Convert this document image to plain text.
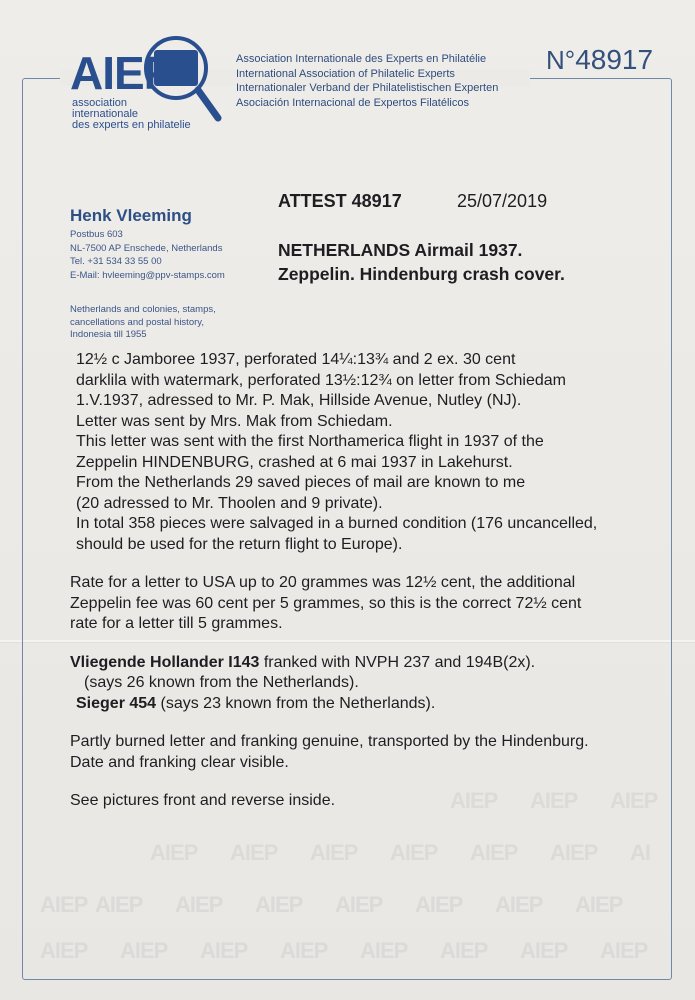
AIEP AIEP AIEP
AIEP AIEP AIEP AIEP AIEP AIEP AI
AIEP AIEP AIEP AIEP AIEP AIEP AIEP AIEP
AIEP AIEP AIEP AIEP AIEP AIEP AIEP AIEP
AIEP
association
internationale
des experts en philatelie
Association Internationale des Experts en Philatélie
International Association of Philatelic Experts
Internationaler Verband der Philatelistischen Experten
Asociación Internacional de Expertos Filatélicos
N°48917
Henk Vleeming
Postbus 603
NL-7500 AP Enschede, Netherlands
Tel. +31 534 33 55 00
E-Mail: hvleeming@ppv-stamps.com
Netherlands and colonies, stamps,
cancellations and postal history,
Indonesia till 1955
ATTEST 48917	25/07/2019
NETHERLANDS Airmail 1937.
Zeppelin. Hindenburg crash cover.

12½ c Jamboree 1937, perforated 14¼:13¾ and 2 ex. 30 cent

darklila with watermark, perforated 13½:12¾ on letter from Schiedam

1.V.1937, adressed to Mr. P. Mak, Hillside Avenue, Nutley (NJ).

Letter was sent by Mrs. Mak from Schiedam.

This letter was sent with the first Northamerica flight in 1937 of the

Zeppelin HINDENBURG, crashed at 6 mai 1937 in Lakehurst.

From the Netherlands 29 saved pieces of mail are known to me

(20 adressed to Mr. Thoolen and 9 private).

In total 358 pieces were salvaged in a burned condition (176 uncancelled,

should be used for the return flight to Europe).

Rate for a letter to USA up to 20 grammes was 12½ cent, the additional

Zeppelin fee was 60 cent per 5 grammes, so this is the correct 72½ cent

rate for a letter till 5 grammes.

Vliegende Hollander I143 franked with NVPH 237 and 194B(2x).

(says 26 known from the Netherlands).

Sieger 454 (says 23 known from the Netherlands).

Partly burned letter and franking genuine, transported by the Hindenburg.

Date and franking clear visible.

See pictures front and reverse inside.
